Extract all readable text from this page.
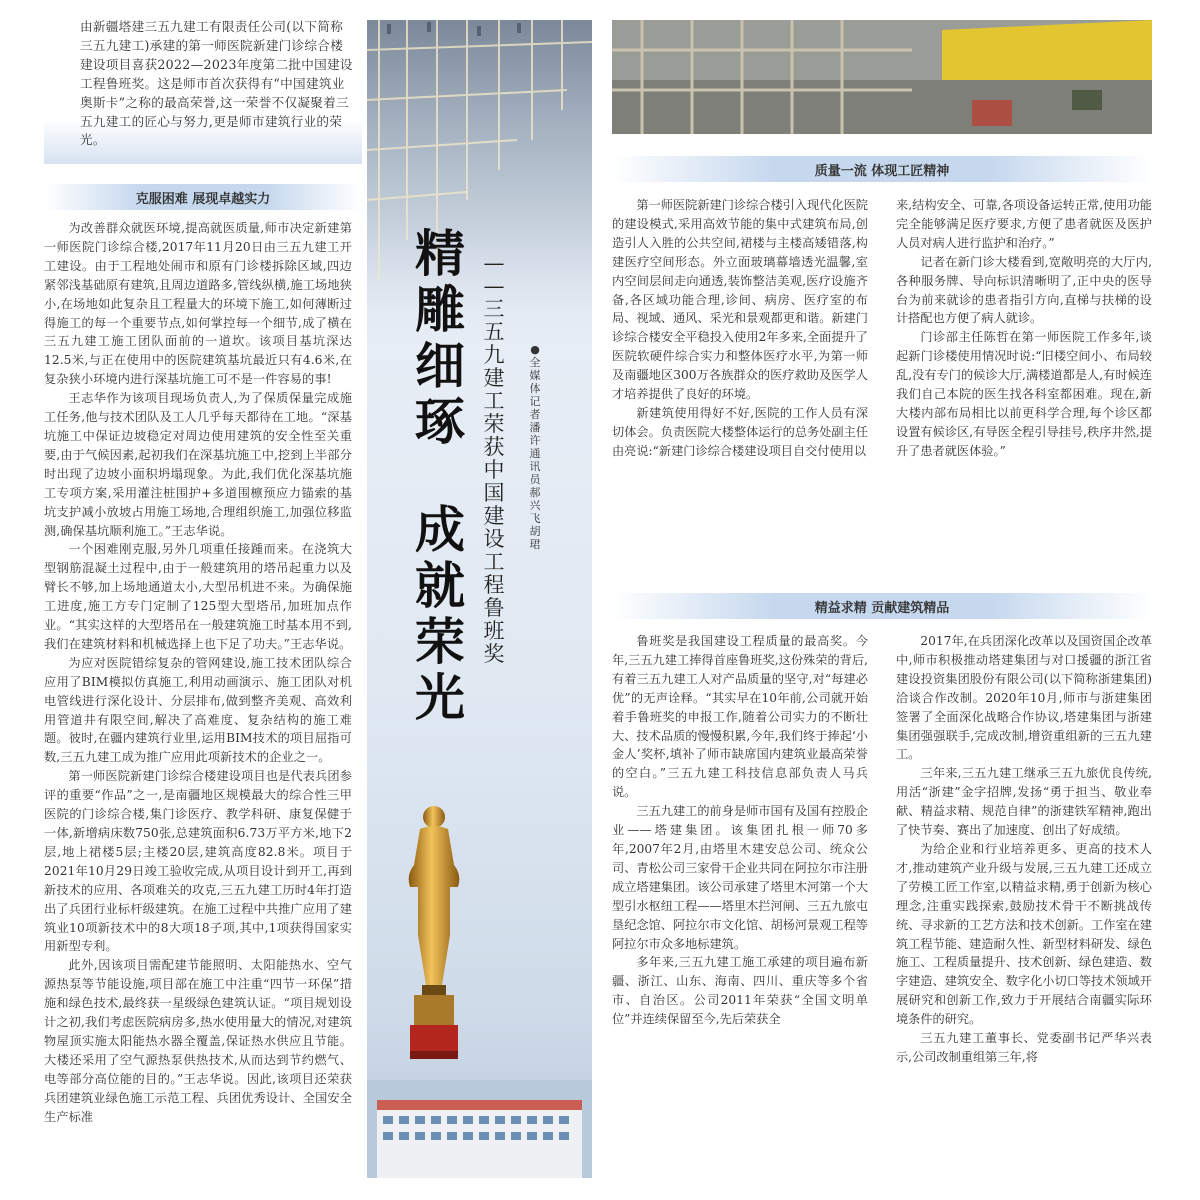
由新疆塔建三五九建工有限责任公司(以下简称三五九建工)承建的第一师医院新建门诊综合楼建设项目喜获2022—2023年度第二批中国建设工程鲁班奖。这是师市首次获得有“中国建筑业奥斯卡”之称的最高荣誉,这一荣誉不仅凝聚着三五九建工的匠心与努力,更是师市建筑行业的荣光。

克服困难 展现卓越实力

为改善群众就医环境,提高就医质量,师市决定新建第一师医院门诊综合楼,2017年11月20日由三五九建工开工建设。由于工程地处闹市和原有门诊楼拆除区域,四边紧邻浅基础原有建筑,且周边道路多,管线纵横,施工场地狭小,在场地如此复杂且工程量大的环境下施工,如何薄断过得施工的每一个重要节点,如何掌控每一个细节,成了横在三五九建工施工团队面前的一道坎。该项目基坑深达12.5米,与正在使用中的医院建筑基坑最近只有4.6米,在复杂狭小环境内进行深基坑施工可不是一件容易的事!

王志华作为该项目现场负责人,为了保质保量完成施工任务,他与技术团队及工人几乎每天都待在工地。“深基坑施工中保证边坡稳定对周边使用建筑的安全性至关重要,由于气候因素,起初我们在深基坑施工中,挖到上半部分时出现了边坡小面积坍塌现象。为此,我们优化深基坑施工专项方案,采用灌注桩围护+多道围檩预应力锚索的基坑支护减小放坡占用施工场地,合理组织施工,加强位移监测,确保基坑顺利施工。”王志华说。

一个困难刚克服,另外几项重任接踵而来。在浇筑大型钢筋混凝土过程中,由于一般建筑用的塔吊起重力以及臂长不够,加上场地通道太小,大型吊机进不来。为确保施工进度,施工方专门定制了125型大型塔吊,加班加点作业。“其实这样的大型塔吊在一般建筑施工时基本用不到,我们在建筑材料和机械选择上也下足了功夫。”王志华说。

为应对医院错综复杂的管网建设,施工技术团队综合应用了BIM模拟仿真施工,利用动画演示、施工团队对机电管线进行深化设计、分层排布,做到整齐美观、高效利用管道井有限空间,解决了高难度、复杂结构的施工难题。彼时,在疆内建筑行业里,运用BIM技术的项目屈指可数,三五九建工成为推广应用此项新技术的企业之一。

第一师医院新建门诊综合楼建设项目也是代表兵团参评的重要“作品”之一,是南疆地区规模最大的综合性三甲医院的门诊综合楼,集门诊医疗、教学科研、康复保健于一体,新增病床数750张,总建筑面积6.73万平方米,地下2层,地上裙楼5层;主楼20层,建筑高度82.8米。项目于2021年10月29日竣工验收完成,从项目设计到开工,再到新技术的应用、各项难关的攻克,三五九建工历时4年打造出了兵团行业标杆级建筑。在施工过程中共推广应用了建筑业10项新技术中的8大项18子项,其中,1项获得国家实用新型专利。

此外,因该项目需配建节能照明、太阳能热水、空气源热泵等节能设施,项目部在施工中注重“四节一环保”措施和绿色技术,最终获一星级绿色建筑认证。“项目规划设计之初,我们考虑医院病房多,热水使用量大的情况,对建筑物屋顶实施太阳能热水器全覆盖,保证热水供应且节能。大楼还采用了空气源热泵供热技术,从而达到节约燃气、电等部分高位能的目的。”王志华说。因此,该项目还荣获兵团建筑业绿色施工示范工程、兵团优秀设计、全国安全生产标准

精
雕
细
琢
成
就
荣
光
—
—
三
五
九
建
工
荣
获
中
国
建
设
工
程
鲁
班
奖
●
全
媒
体
记
者
潘
许
通
讯
员
郝
兴
飞
胡
珺
质量一流 体现工匠精神

第一师医院新建门诊综合楼引入现代化医院的建设模式,采用高效节能的集中式建筑布局,创造引人入胜的公共空间,裙楼与主楼高矮错落,构建医疗空间形态。外立面玻璃幕墙透光温馨,室内空间层间走向通透,装饰整洁美观,医疗设施齐备,各区域功能合理,诊间、病房、医疗室的布局、视域、通风、采光和景观都更和谐。新建门诊综合楼安全平稳投入使用2年多来,全面提升了医院软硬件综合实力和整体医疗水平,为第一师及南疆地区300万各族群众的医疗救助及医学人才培养提供了良好的环境。

新建筑使用得好不好,医院的工作人员有深切体会。负责医院大楼整体运行的总务处副主任由亮说:“新建门诊综合楼建设项目自交付使用以

来,结构安全、可靠,各项设备运转正常,使用功能完全能够满足医疗要求,方便了患者就医及医护人员对病人进行监护和治疗。”

记者在新门诊大楼看到,宽敞明亮的大厅内,各种服务牌、导向标识清晰明了,正中央的医导台为前来就诊的患者指引方向,直梯与扶梯的设计搭配也方便了病人就诊。

门诊部主任陈哲在第一师医院工作多年,谈起新门诊楼使用情况时说:“旧楼空间小、布局较乱,没有专门的候诊大厅,满楼道都是人,有时候连我们自己本院的医生找各科室都困难。现在,新大楼内部布局相比以前更科学合理,每个诊区都设置有候诊区,有导医全程引导挂号,秩序井然,提升了患者就医体验。”

精益求精 贡献建筑精品

鲁班奖是我国建设工程质量的最高奖。今年,三五九建工捧得首座鲁班奖,这份殊荣的背后,有着三五九建工人对产品质量的坚守,对“每建必优”的无声诠释。“其实早在10年前,公司就开始着手鲁班奖的申报工作,随着公司实力的不断壮大、技术品质的慢慢积累,今年,我们终于捧起‘小金人’奖杯,填补了师市缺席国内建筑业最高荣誉的空白。”三五九建工科技信息部负责人马兵说。

三五九建工的前身是师市国有及国有控股企业——塔建集团。该集团扎根一师70多年,2007年2月,由塔里木建安总公司、统众公司、青松公司三家骨干企业共同在阿拉尔市注册成立塔建集团。该公司承建了塔里木河第一个大型引水枢纽工程——塔里木拦河闸、三五九旅屯垦纪念馆、阿拉尔市文化馆、胡杨河景观工程等阿拉尔市众多地标建筑。

多年来,三五九建工施工承建的项目遍布新疆、浙江、山东、海南、四川、重庆等多个省市、自治区。公司2011年荣获“全国文明单位”并连续保留至今,先后荣获全

2017年,在兵团深化改革以及国资国企改革中,师市积极推动塔建集团与对口援疆的浙江省建设投资集团股份有限公司(以下简称浙建集团)洽谈合作改制。2020年10月,师市与浙建集团签署了全面深化战略合作协议,塔建集团与浙建集团强强联手,完成改制,增资重组新的三五九建工。

三年来,三五九建工继承三五九旅优良传统,用活“浙建”金字招牌,发扬“勇于担当、敬业奉献、精益求精、规范自律”的浙建铁军精神,跑出了快节奏、赛出了加速度、创出了好成绩。

为给企业和行业培养更多、更高的技术人才,推动建筑产业升级与发展,三五九建工还成立了劳模工匠工作室,以精益求精,勇于创新为核心理念,注重实践探索,鼓励技术骨干不断挑战传统、寻求新的工艺方法和技术创新。工作室在建筑工程节能、建造耐久性、新型材料研发、绿色施工、工程质量提升、技术创新、绿色建造、数字建造、建筑安全、数字化小切口等技术领域开展研究和创新工作,致力于开展结合南疆实际环境条件的研究。

三五九建工董事长、党委副书记严华兴表示,公司改制重组第三年,将
